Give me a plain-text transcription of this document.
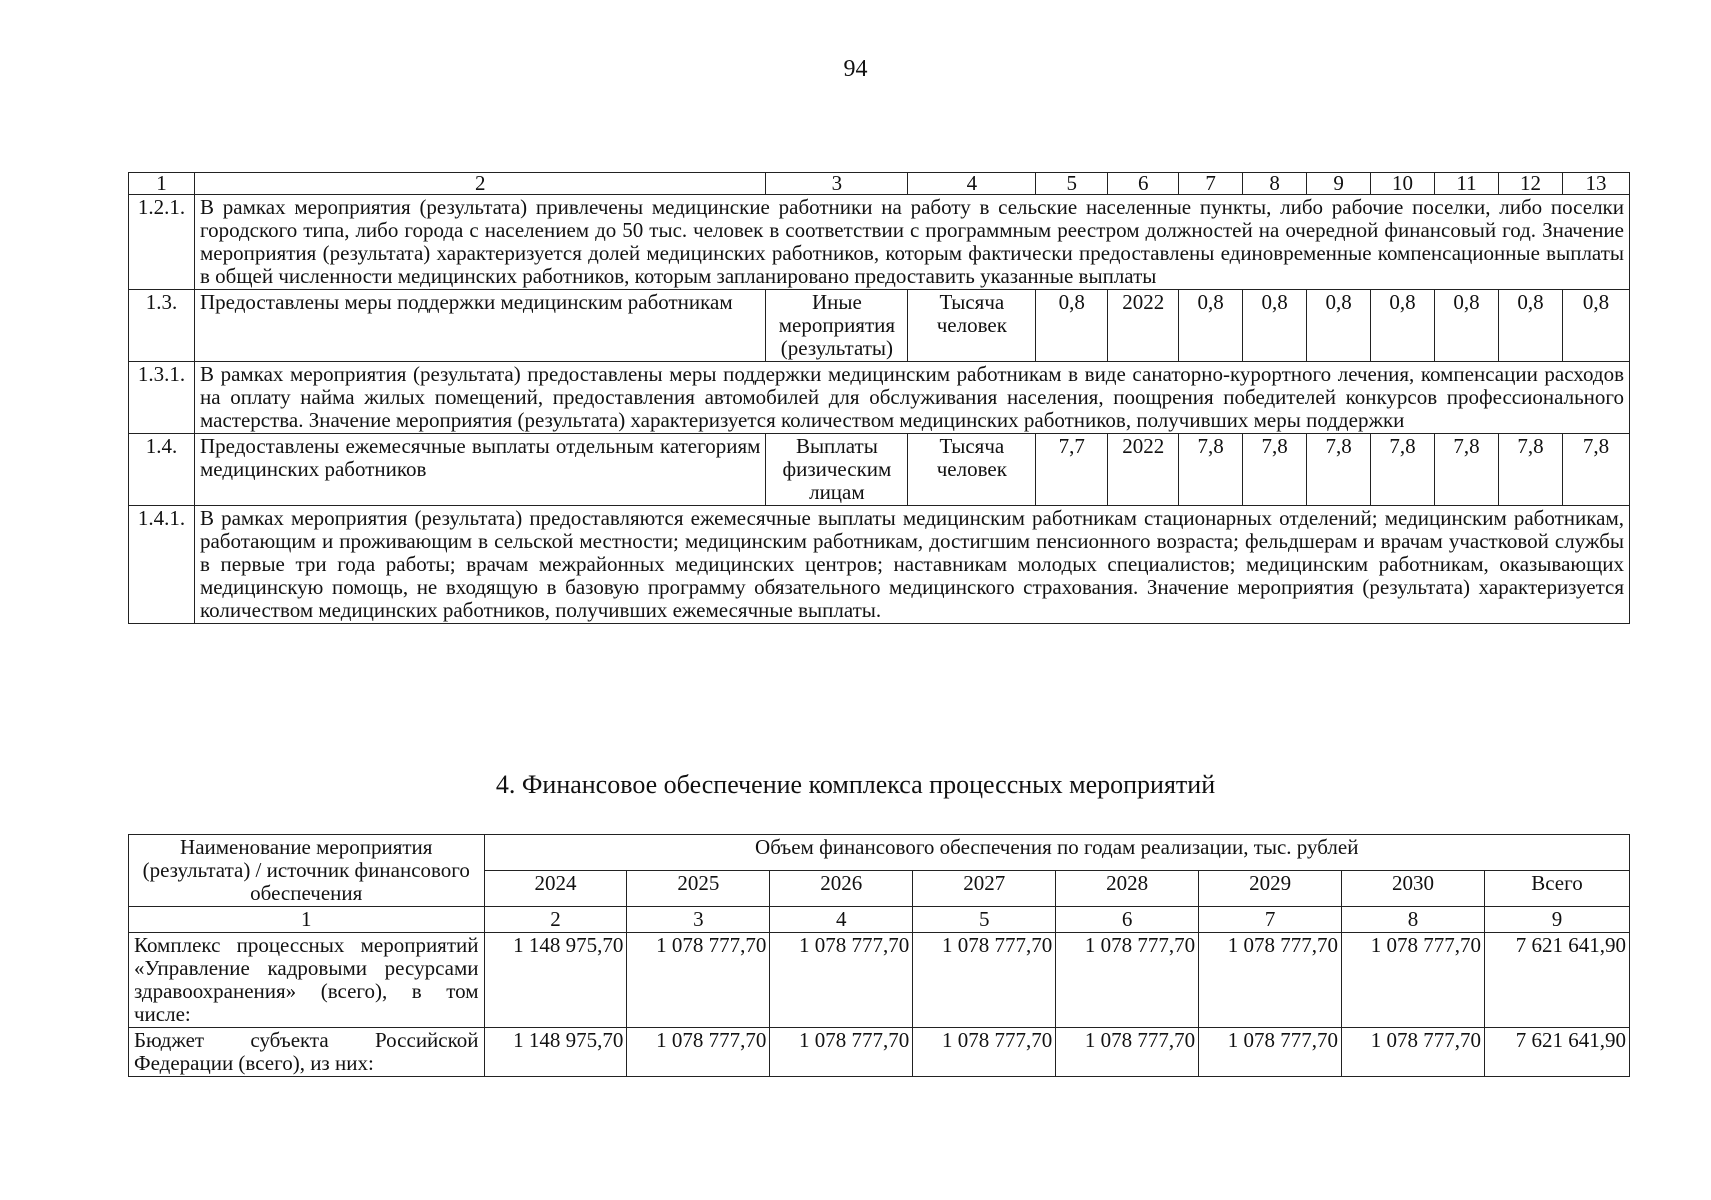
94
1	2	3	4	5	6	7	8	9	10	11	12	13
1.2.1.	В рамках мероприятия (результата) привлечены медицинские работники на работу в сельские населенные пункты, либо рабочие поселки, либо поселки городского типа, либо города с населением до 50 тыс. человек в соответствии с программным реестром должностей на очередной финансовый год. Значение мероприятия (результата) характеризуется долей медицинских работников, которым фактически предоставлены единовременные компенсационные выплаты в общей численности медицинских работников, которым запланировано предоставить указанные выплаты											
1.3.	Предоставлены меры поддержки медицинским работникам	Иные мероприятия (результаты)	Тысяча человек	0,8	2022	0,8	0,8	0,8	0,8	0,8	0,8	0,8
1.3.1.	В рамках мероприятия (результата) предоставлены меры поддержки медицинским работникам в виде санаторно-курортного лечения, компенсации расходов на оплату найма жилых помещений, предоставления автомобилей для обслуживания населения, поощрения победителей конкурсов профессионального мастерства. Значение мероприятия (результата) характеризуется количеством медицинских работников, получивших меры поддержки											
1.4.	Предоставлены ежемесячные выплаты отдельным категориям медицинских работников	Выплаты физическим лицам	Тысяча человек	7,7	2022	7,8	7,8	7,8	7,8	7,8	7,8	7,8
1.4.1.	В рамках мероприятия (результата) предоставляются ежемесячные выплаты медицинским работникам стационарных отделений; медицинским работникам, работающим и проживающим в сельской местности; медицинским работникам, достигшим пенсионного возраста; фельдшерам и врачам участковой службы в первые три года работы; врачам межрайонных медицинских центров; наставникам молодых специалистов; медицинским работникам, оказывающих медицинскую помощь, не входящую в базовую программу обязательного медицинского страхования. Значение мероприятия (результата) характеризуется количеством медицинских работников, получивших ежемесячные выплаты.											
4. Финансовое обеспечение комплекса процессных мероприятий
Наименование мероприятия (результата) / источник финансового обеспечения	Объем финансового обеспечения по годам реализации, тыс. рублей							
	2024	2025	2026	2027	2028	2029	2030	Всего
1	2	3	4	5	6	7	8	9
Комплекс процессных мероприятий «Управление кадровыми ресурсами здравоохранения» (всего), в том числе:	1 148 975,70	1 078 777,70	1 078 777,70	1 078 777,70	1 078 777,70	1 078 777,70	1 078 777,70	7 621 641,90
Бюджет субъекта Российской Федерации (всего), из них:	1 148 975,70	1 078 777,70	1 078 777,70	1 078 777,70	1 078 777,70	1 078 777,70	1 078 777,70	7 621 641,90
